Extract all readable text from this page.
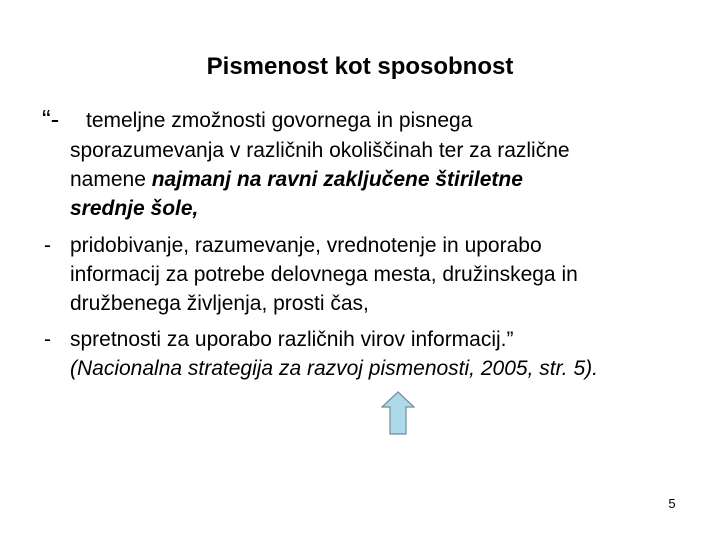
Pismenost kot sposobnost
“- temeljne zmožnosti govornega in pisnega
sporazumevanja v različnih okoliščinah ter za različne
namene najmanj na ravni zaključene štiriletne
srednje šole,
- pridobivanje, razumevanje, vrednotenje in uporabo
informacij za potrebe delovnega mesta, družinskega in
družbenega življenja, prosti čas,
- spretnosti za uporabo različnih virov informacij.”
(Nacionalna strategija za razvoj pismenosti, 2005, str. 5).
5
